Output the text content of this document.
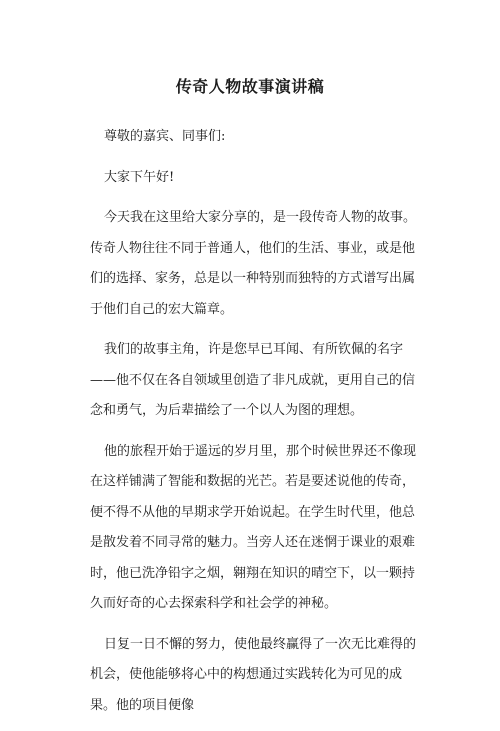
传奇人物故事演讲稿

尊敬的嘉宾、同事们:

大家下午好!

今天我在这里给大家分享的，是一段传奇人物的故事。传奇人物往往不同于普通人，他们的生活、事业，或是他们的选择、家务，总是以一种特别而独特的方式谱写出属于他们自己的宏大篇章。

我们的故事主角，许是您早已耳闻、有所钦佩的名字——他不仅在各自领域里创造了非凡成就，更用自己的信念和勇气，为后辈描绘了一个以人为图的理想。

他的旅程开始于遥远的岁月里，那个时候世界还不像现在这样铺满了智能和数据的光芒。若是要述说他的传奇，便不得不从他的早期求学开始说起。在学生时代里，他总是散发着不同寻常的魅力。当旁人还在迷惘于课业的艰难时，他已洗净铅字之烟，翱翔在知识的晴空下，以一颗持久而好奇的心去探索科学和社会学的神秘。

日复一日不懈的努力，使他最终赢得了一次无比难得的机会，使他能够将心中的构想通过实践转化为可见的成果。他的项目便像
